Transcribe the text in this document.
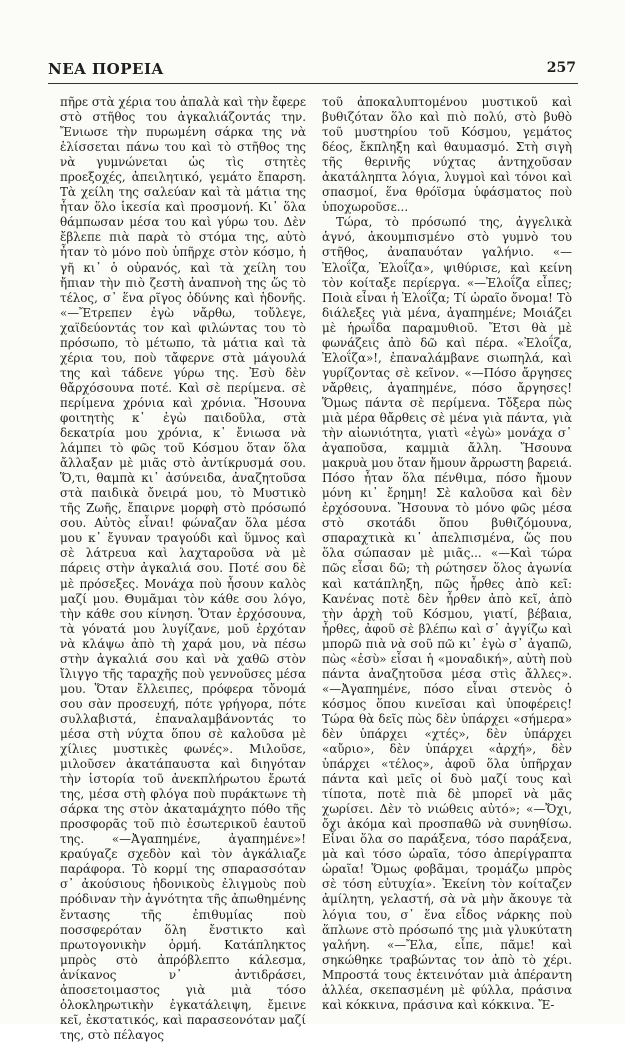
ΝΕΑ ΠΟΡΕΙΑ	257

πῆρε στὰ χέρια του ἀπαλὰ καὶ τὴν ἔφερε στὸ στῆθος του ἀγκαλιάζοντάς την. Ἔνιωσε τὴν πυρωμένη σάρκα της νὰ ἑλίσσεται πάνω του καὶ τὸ στῆθος της νὰ γυμνώνεται ὡς τὶς στητὲς προεξοχές, ἀπειλητικό, γεμάτο ἔπαρση. Τὰ χείλη της σαλεύαν καὶ τὰ μάτια της ἦταν ὅλο ἱκεσία καὶ προσμονή. Κι᾽ ὅλα θάμπωσαν μέσα του καὶ γύρω του. Δὲν ἔβλεπε πιὰ παρὰ τὸ στόμα της, αὐτὸ ἦταν τὸ μόνο ποὺ ὑπῆρχε στὸν κόσμο, ἡ γῆ κι᾽ ὁ οὐρανός, καὶ τὰ χείλη του ἤπιαν τὴν πιὸ ζεστὴ ἀναπνοὴ της ὥς τὸ τέλος, σ᾽ ἕνα ρῖγος ὀδύνης καὶ ἡδονῆς. «—Ἔτρεπεν ἐγὼ νἄρθω, τοὔλεγε, χαϊδεύοντάς τον καὶ φιλώντας του τὸ πρόσωπο, τὸ μέτωπο, τὰ μάτια καὶ τὰ χέρια του, ποὺ τἄφερνε στὰ μάγουλά της καὶ τάδενε γύρω της. Ἐσὺ δὲν θἄρχόσουνα ποτέ. Καὶ σὲ περίμενα. σὲ περίμενα χρόνια καὶ χρόνια. Ἤσουνα φοιτητὴς κ᾽ ἐγὼ παιδοῦλα, στὰ δεκατρία μου χρόνια, κ᾽ ἔνιωσα νὰ λάμπει τὸ φῶς τοῦ Κόσμου ὅταν ὅλα ἄλλαξαν μὲ μιᾶς στὸ ἀντίκρυσμά σου. Ὅ,τι, θαμπὰ κι᾽ ἀσύνειδα, ἀναζητοῦσα στὰ παιδικὰ ὄνειρά μου, τὸ Μυστικὸ τῆς Ζωῆς, ἔπαιρνε μορφὴ στὸ πρόσωπό σου. Αὐτὸς εἶναι! φώναζαν ὅλα μέσα μου κ᾽ ἔγυναν τραγούδι καὶ ὕμνος καὶ σὲ λάτρευα καὶ λαχταροῦσα νὰ μὲ πάρεις στὴν ἀγκαλιά σου. Ποτέ σου δὲ μὲ πρόσεξες. Μονάχα ποὺ ἦσουν καλὸς μαζί μου. Θυμᾶμαι τὸν κάθε σου λόγο, τὴν κάθε σου κίνηση. Ὅταν ἐρχόσουνα, τὰ γόνατά μου λυγίζανε, μοῦ ἐρχόταν νὰ κλάψω ἀπὸ τὴ χαρά μου, νὰ πέσω στὴν ἀγκαλιά σου καὶ νὰ χαθῶ στὸν ἴλιγγο τῆς ταραχῆς ποὺ γεννοῦσες μέσα μου. Ὅταν ἔλλειπες, πρόφερα τὄνομά σου σὰν προσευχή, πότε γρήγορα, πότε συλλαβιστά, ἐπαναλαμβάνοντάς το μέσα στὴ νύχτα ὅπου σὲ καλοῦσα μὲ χίλιες μυστικὲς φωνές». Μιλοῦσε, μιλοῦσεν ἀκατάπαυστα καὶ διηγόταν τὴν ἱστορία τοῦ ἀνεκπλήρωτου ἔρωτά της, μέσα στὴ φλόγα ποὺ πυράκτωνε τὴ σάρκα της στὸν ἀκαταμάχητο πόθο τῆς προσφορᾶς τοῦ πιὸ ἐσωτερικοῦ ἑαυτοῦ της. «—Ἀγαπημένε, ἀγαπημένε»! κραύγαζε σχεδὸν καὶ τὸν ἀγκάλιαζε παράφορα. Τὸ κορμί της σπαρασσόταν σ᾽ ἀκούσιους ἡδονικοὺς ἐλιγμοὺς ποὺ πρόδιναν τὴν ἀγνότητα τῆς ἀπωθημένης ἔντασης τῆς ἐπιθυμίας ποὺ ποσσφερόταν ὅλη ἔνστικτο καὶ πρωτογονικὴν ὁρμή. Κατάπληκτος μπρὸς στὸ ἀπρόβλεπτο κάλεσμα, ἀνίκανος ν᾽ ἀντιδράσει, ἀποσετοιμαστος γιὰ μιὰ τόσο ὁλοκληρωτικὴν ἐγκατάλειψη, ἔμεινε κεῖ, ἐκστατικός, καὶ παρασεονόταν μαζί της, στὸ πέλαγος

τοῦ ἀποκαλυπτομένου μυστικοῦ καὶ βυθιζόταν ὅλο καὶ πιὸ πολύ, στὸ βυθὸ τοῦ μυστηρίου τοῦ Κόσμου, γεμάτος δέος, ἔκπληξη καὶ θαυμασμό. Στὴ σιγὴ τῆς θερινῆς νύχτας ἀντηχοῦσαν ἀκατάληπτα λόγια, λυγμοὶ καὶ τόνοι καὶ σπασμοί, ἕνα θρόϊσμα ὑφάσματος ποὺ ὑποχωροῦσε...

Τώρα, τὸ πρόσωπό της, ἀγγελικὰ ἁγνό, ἀκουμπισμένο στὸ γυμνὸ του στῆθος, ἀναπαυόταν γαλήνιο. «—Ἐλοΐζα, Ἐλοΐζα», ψιθύρισε, καὶ κείνη τὸν κοίταξε περίεργα. «—Ἐλοΐζα εἶπες; Ποιὰ εἶναι ἡ Ἐλοΐζα; Τί ὡραῖο ὄνομα! Τὸ διάλεξες γιὰ μένα, ἀγαπημένε; Μοιάζει μὲ ἡρωΐδα παραμυθιοῦ. Ἔτσι θὰ μὲ φωνάζεις ἀπὸ δῶ καὶ πέρα. «Ἐλοΐζα, Ἐλοΐζα»!, ἐπαναλάμβανε σιωπηλά, καὶ γυρίζοντας σὲ κεῖνον. «—Πόσο ἄργησες νἄρθεις, ἀγαπημένε, πόσο ἄργησες! Ὅμως πάντα σὲ περίμενα. Τὄξερα πὼς μιὰ μέρα θἄρθεις σὲ μένα γιὰ πάντα, γιὰ τὴν αἰωνιότητα, γιατὶ «ἐγὼ» μονάχα σ᾽ ἀγαποῦσα, καμμιὰ ἄλλη. Ἤσουνα μακρυὰ μου ὅταν ἤμουν ἄρρωστη βαρειά. Πόσο ἦταν ὅλα πένθιμα, πόσο ἤμουν μόνη κι᾽ ἔρημη! Σὲ καλοῦσα καὶ δὲν ἐρχόσουνα. Ἤσουνα τὸ μόνο φῶς μέσα στὸ σκοτάδι ὅπου βυθιζόμουνα, σπαραχτικὰ κι᾽ ἀπελπισμένα, ὥς που ὅλα σώπασαν μὲ μιᾶς... «—Καὶ τώρα πῶς εἶσαι δῶ; τὴ ρώτησεν ὅλος ἀγωνία καὶ κατάπληξη, πῶς ἦρθες ἀπὸ κεῖ: Κανένας ποτὲ δὲν ἦρθεν ἀπὸ κεῖ, ἀπὸ τὴν ἀρχὴ τοῦ Κόσμου, γιατί, βέβαια, ἦρθες, ἀφοῦ σὲ βλέπω καὶ σ᾽ ἀγγίζω καὶ μπορῶ πιὰ νὰ σοῦ πῶ κι᾽ ἐγὼ σ᾽ ἀγαπῶ, πὼς «ἐσὺ» εἶσαι ἡ «μοναδική», αὐτὴ ποὺ πάντα ἀναζητοῦσα μέσα στὶς ἄλλες». «—Ἀγαπημένε, πόσο εἶναι στενὸς ὁ κόσμος ὅπου κινεῖσαι καὶ ὑποφέρεις! Τώρα θὰ δεῖς πὼς δὲν ὑπάρχει «σήμερα» δὲν ὑπάρχει «χτές», δὲν ὑπάρχει «αὔριο», δὲν ὑπάρχει «ἀρχή», δὲν ὑπάρχει «τέλος», ἀφοῦ ὅλα ὑπῆρχαν πάντα καὶ μεῖς οἱ δυὸ μαζί τους καὶ τίποτα, ποτὲ πιὰ δὲ μπορεῖ νὰ μᾶς χωρίσει. Δὲν τὸ νιώθεις αὐτό»; «—Ὄχι, ὄχι ἀκόμα καὶ προσπαθῶ νὰ συνηθίσω. Εἶναι ὅλα σο παράξενα, τόσο παράξενα, μὰ καὶ τόσο ὡραῖα, τόσο ἀπερίγραπτα ὡραῖα! Ὅμως φοβᾶμαι, τρομάζω μπρὸς σὲ τόση εὐτυχία». Ἐκείνη τὸν κοίταζεν ἀμίλητη, γελαστή, σὰ νὰ μὴν ἄκουγε τὰ λόγια του, σ᾽ ἕνα εἶδος νάρκης ποὺ ἅπλωνε στὸ πρόσωπό της μιὰ γλυκύτατη γαλήνη. «—Ἔλα, εἶπε, πᾶμε! καὶ σηκώθηκε τραβώντας τον ἀπὸ τὸ χέρι. Μπροστά τους ἐκτεινόταν μιὰ ἀπέραντη ἀλλέα, σκεπασμένη μὲ φύλλα, πράσινα καὶ κόκκινα, πράσινα καὶ κόκκινα. Ἔ-
